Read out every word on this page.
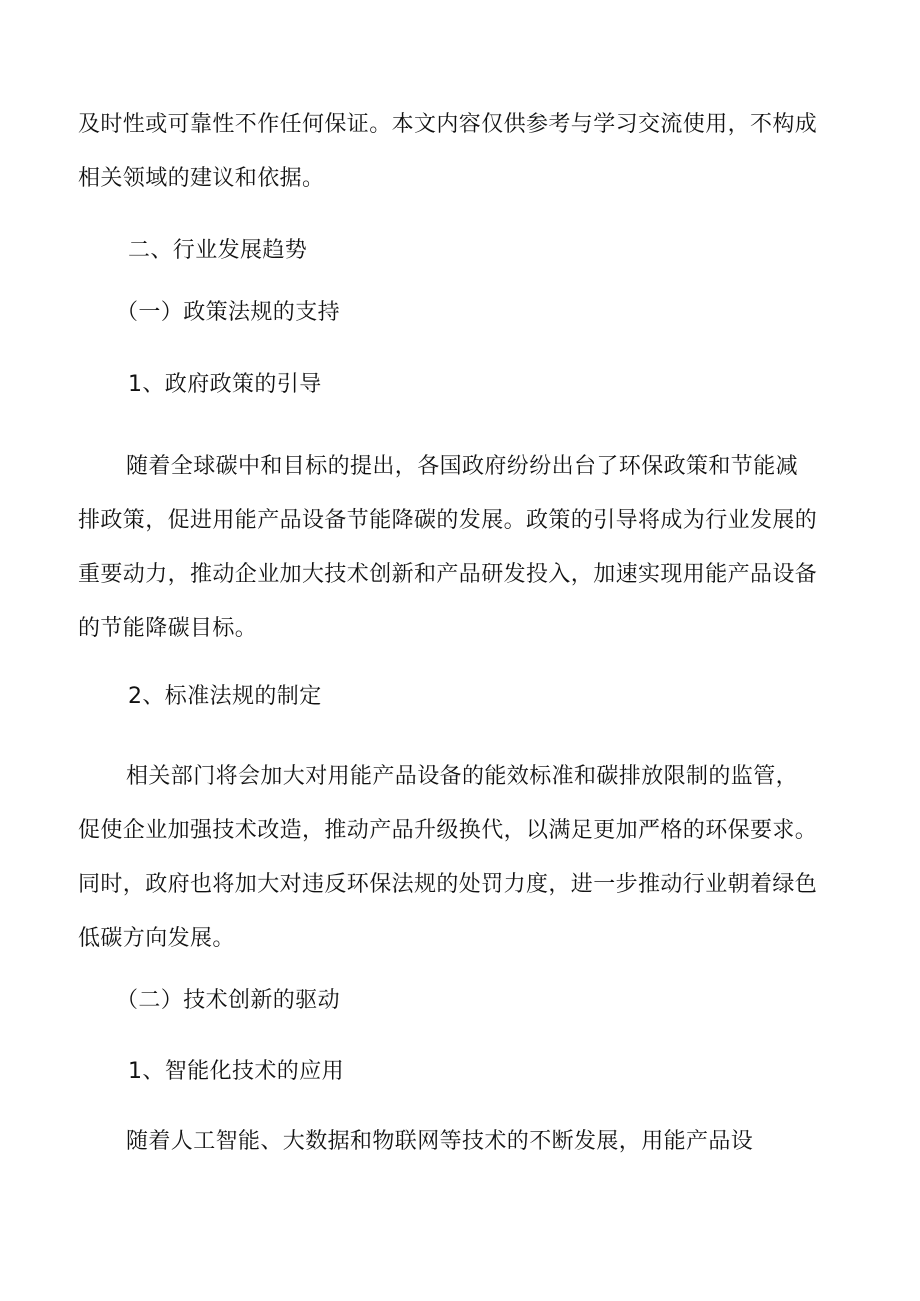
及时性或可靠性不作任何保证。本文内容仅供参考与学习交流使用，不构成
相关领域的建议和依据。
二、行业发展趋势
（一）政策法规的支持
1、政府政策的引导
随着全球碳中和目标的提出，各国政府纷纷出台了环保政策和节能减
排政策，促进用能产品设备节能降碳的发展。政策的引导将成为行业发展的
重要动力，推动企业加大技术创新和产品研发投入，加速实现用能产品设备
的节能降碳目标。
2、标准法规的制定
相关部门将会加大对用能产品设备的能效标准和碳排放限制的监管，
促使企业加强技术改造，推动产品升级换代，以满足更加严格的环保要求。
同时，政府也将加大对违反环保法规的处罚力度，进一步推动行业朝着绿色
低碳方向发展。
（二）技术创新的驱动
1、智能化技术的应用
随着人工智能、大数据和物联网等技术的不断发展，用能产品设
